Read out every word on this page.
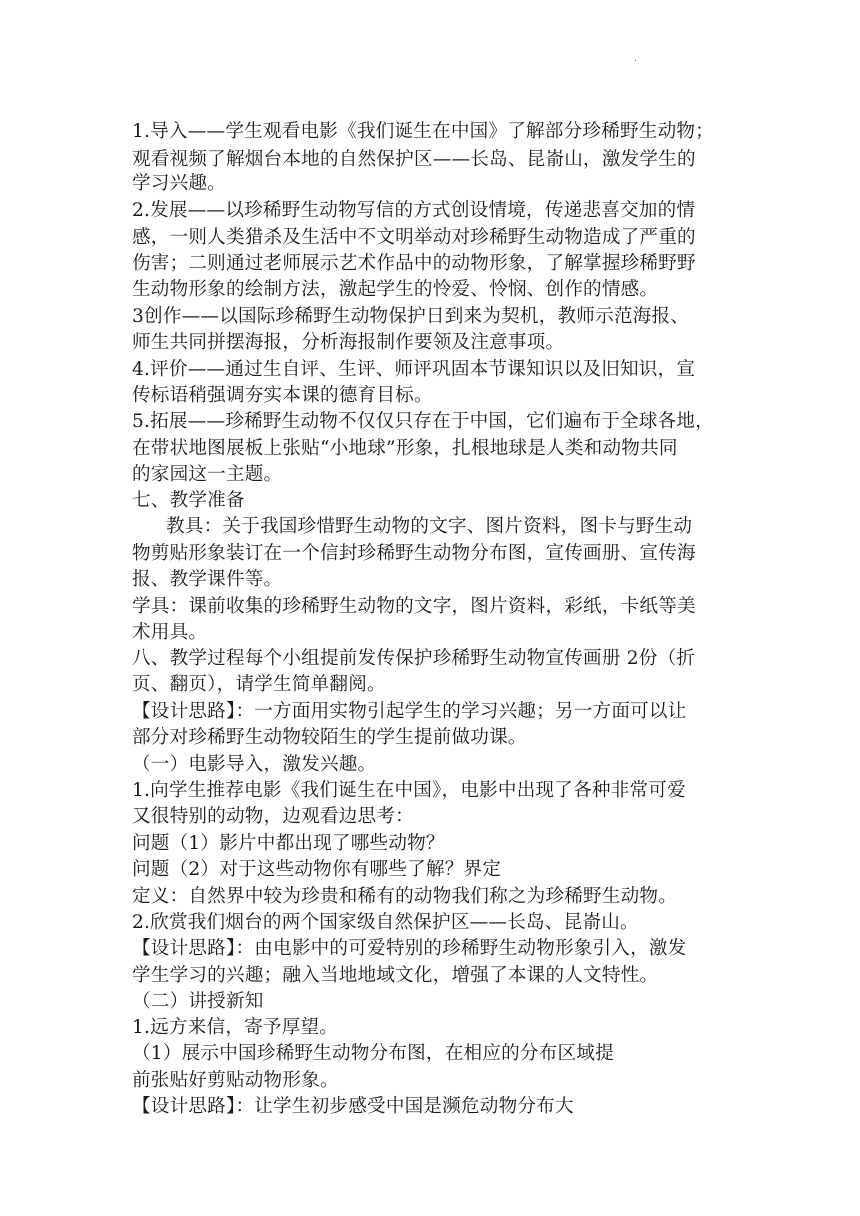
·
1.导入——学生观看电影《我们诞生在中国》了解部分珍稀野生动物；
观看视频了解烟台本地的自然保护区——长岛、昆嵛山，激发学生的
学习兴趣。
2.发展——以珍稀野生动物写信的方式创设情境，传递悲喜交加的情
感，一则人类猎杀及生活中不文明举动对珍稀野生动物造成了严重的
伤害；二则通过老师展示艺术作品中的动物形象，了解掌握珍稀野野
生动物形象的绘制方法，激起学生的怜爱、怜悯、创作的情感。
3创作——以国际珍稀野生动物保护日到来为契机，教师示范海报、
师生共同拼摆海报，分析海报制作要领及注意事项。
4.评价——通过生自评、生评、师评巩固本节课知识以及旧知识，宣
传标语稍强调夯实本课的德育目标。
5.拓展——珍稀野生动物不仅仅只存在于中国，它们遍布于全球各地，
在带状地图展板上张贴“小地球”形象，扎根地球是人类和动物共同
的家园这一主题。
七、教学准备
教具：关于我国珍惜野生动物的文字、图片资料，图卡与野生动
物剪贴形象装订在一个信封珍稀野生动物分布图，宣传画册、宣传海
报、教学课件等。
学具：课前收集的珍稀野生动物的文字，图片资料，彩纸，卡纸等美
术用具。
八、教学过程每个小组提前发传保护珍稀野生动物宣传画册 2份（折
页、翻页），请学生简单翻阅。
【设计思路】：一方面用实物引起学生的学习兴趣；另一方面可以让
部分对珍稀野生动物较陌生的学生提前做功课。
（一）电影导入，激发兴趣。
1.向学生推荐电影《我们诞生在中国》，电影中出现了各种非常可爱
又很特别的动物，边观看边思考：
问题（1）影片中都出现了哪些动物？
问题（2）对于这些动物你有哪些了解？界定
定义：自然界中较为珍贵和稀有的动物我们称之为珍稀野生动物。
2.欣赏我们烟台的两个国家级自然保护区——长岛、昆嵛山。
【设计思路】：由电影中的可爱特别的珍稀野生动物形象引入，激发
学生学习的兴趣；融入当地地域文化，增强了本课的人文特性。
（二）讲授新知
1.远方来信，寄予厚望。
（1）展示中国珍稀野生动物分布图，在相应的分布区域提
前张贴好剪贴动物形象。
【设计思路】：让学生初步感受中国是濒危动物分布大
